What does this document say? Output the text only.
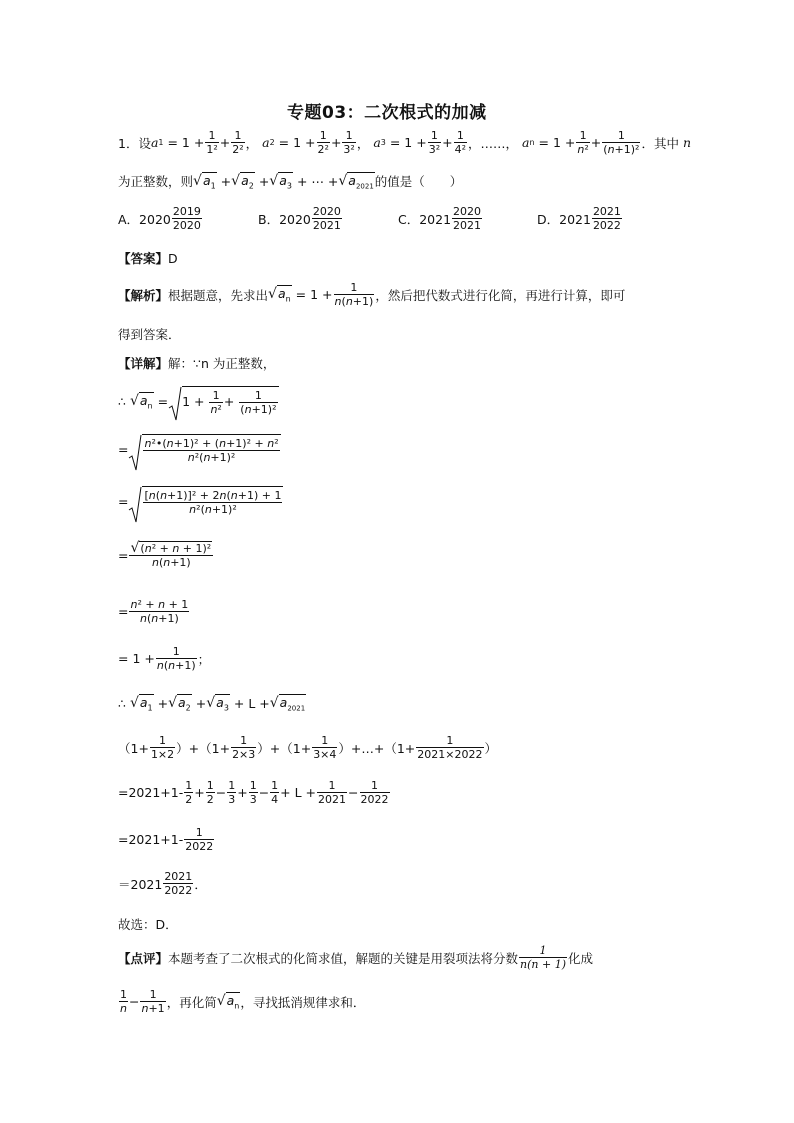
专题03：二次根式的加减
1．设 a 1 = 1 + 1
1² + 1
2² ， a 2 = 1 + 1
2² + 1
3² ， a 3 = 1 + 1
3² + 1
4² ，……， a n = 1 + 1
n² +	1
(n+1)² ．其中
n
为正整数，则 $√a_1 + √a_2 + √a_3$ + ⋯ + $√a_{2021}$ 的值是（　　）
A．2020 2019
2020	B．2020 2020
2021	C．2021 2020
2021	D．2021 2021
2022
【答案】D
【解析】 根据题意，先求出 $√a_n = 1$ +	1
n(n+1) ，然后把代数式进行化简，再进行计算，即可
得到答案．
【详解】解：∵n 为正整数，
∴ $√a_n$ =	$1 + \frac{1}{\text{n²}} + \frac{1}{\text{(n+1)²}}$
= $\frac{\text{n²•(n+1)² + (n+1)² + n²}}{\text{n²(n+1)²}}$
= $\frac{\text{[n(n+1)]² + 2n(n+1) + 1}}{\text{n²(n+1)²}}$
= √(n² + n + 1)²
n(n+1)
= n² + n + 1
n(n+1)
= 1 +	1
n(n+1) ；
∴ $√a_1 + √a_2 + √a_3 + L + √a_{2021}$
$(1+ \frac{1}{1\times 2} )+(1+ \frac{1}{2\times 3} )+(1+ \frac{1}{3\times 4}$ ）+…+（1+ $\frac{1}{2021\times 2022}$ ）
=2021+1- 1
2 + 1
2 − 1
3 + 1
3 − 1
4 + L +	1
2021 −	1
2022
=2021+1-	1
2022
＝2021 2021
2022 ．
故选：D．
【点评】 本题考查了二次根式的化简求值，解题的关键是用裂项法将分数	1
n(n + 1) 化成
1
n − 1
n+1 ，再化简 $√a_n$ ，寻找抵消规律求和．
